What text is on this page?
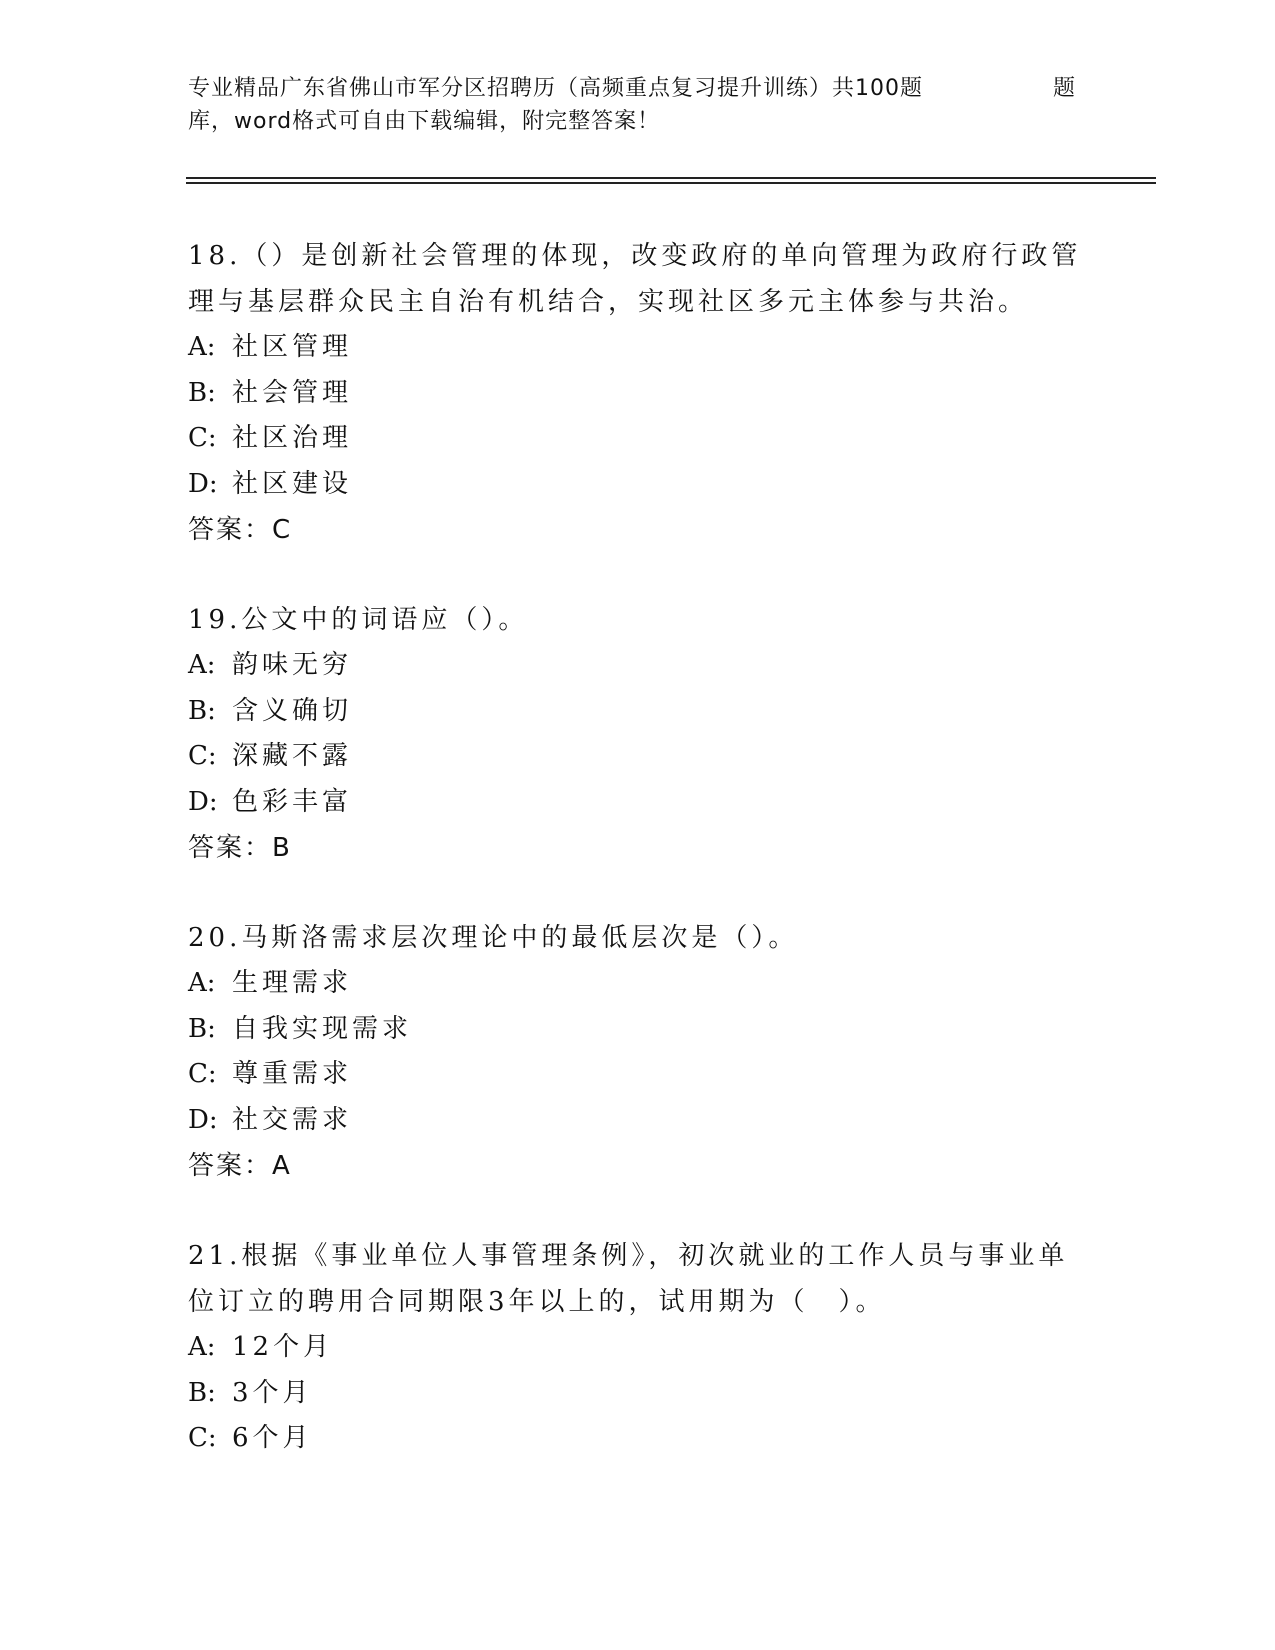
专业精品广东省佛山市军分区招聘历（高频重点复习提升训练）共100题
库，word格式可自由下载编辑，附完整答案！
题

18.（）是创新社会管理的体现，改变政府的单向管理为政府行政管理与基层群众民主自治有机结合，实现社区多元主体参与共治。

A: 社区管理
B: 社会管理
C: 社区治理
D: 社区建设
答案：C

19.公文中的词语应（）。

A: 韵味无穷
B: 含义确切
C: 深藏不露
D: 色彩丰富
答案：B

20.马斯洛需求层次理论中的最低层次是（）。

A: 生理需求
B: 自我实现需求
C: 尊重需求
D: 社交需求
答案：A

21.根据《事业单位人事管理条例》，初次就业的工作人员与事业单位订立的聘用合同期限3年以上的，试用期为（　）。

A: 12个月
B: 3个月
C: 6个月
